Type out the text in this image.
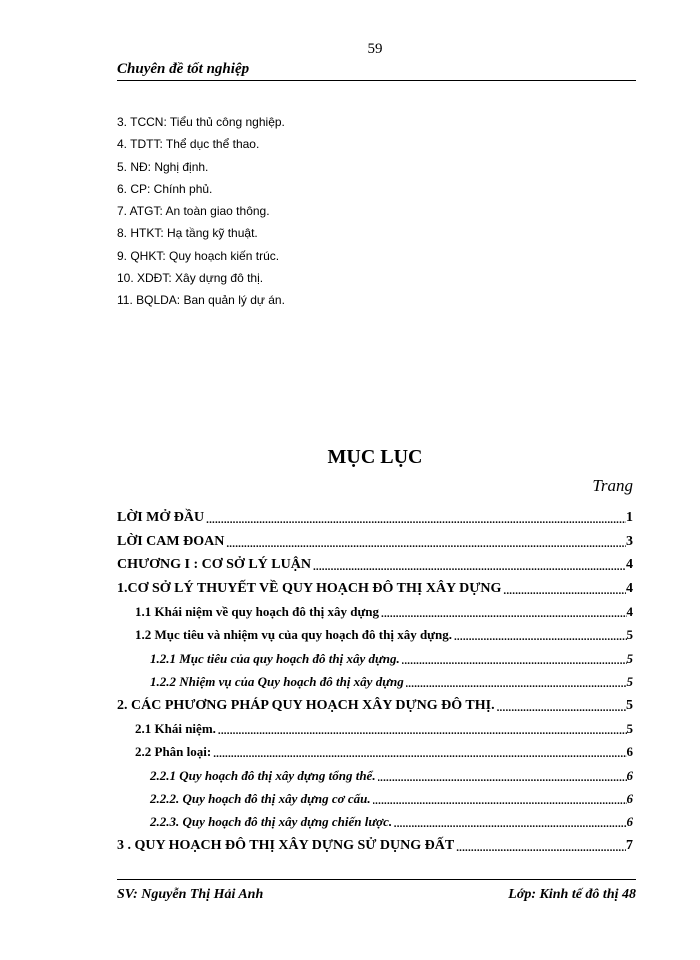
59
Chuyên đề tốt nghiệp
3. TCCN: Tiểu thủ công nghiệp.
4. TDTT: Thể dục thể thao.
5. NĐ: Nghị định.
6. CP: Chính phủ.
7. ATGT: An toàn giao thông.
8. HTKT: Hạ tầng kỹ thuật.
9. QHKT: Quy hoạch kiến trúc.
10. XDĐT: Xây dựng đô thị.
11. BQLDA: Ban quản lý dự án.
MỤC LỤC
Trang
LỜI MỞ ĐẦU .....	1
LỜI CAM ĐOAN .....	3
CHƯƠNG I : CƠ SỞ LÝ LUẬN .....	4
1.CƠ SỞ LÝ THUYẾT VỀ QUY HOẠCH ĐÔ THỊ XÂY DỰNG .....	4
1.1 Khái niệm về quy hoạch đô thị xây dựng .....	4
1.2 Mục tiêu và nhiệm vụ của quy hoạch đô thị xây dựng. .....	5
1.2.1 Mục tiêu của quy hoạch đô thị xây dựng. .....	5
1.2.2 Nhiệm vụ của Quy hoạch đô thị xây dựng .....	5
2. CÁC PHƯƠNG PHÁP QUY HOẠCH XÂY DỰNG ĐÔ THỊ. .....	5
2.1 Khái niệm. .....	5
2.2 Phân loại: .....	6
2.2.1 Quy hoạch đô thị xây dựng tổng thể. .....	6
2.2.2. Quy hoạch đô thị xây dựng cơ cấu. .....	6
2.2.3. Quy hoạch đô thị xây dựng chiến lược. .....	6
3 . QUY HOẠCH ĐÔ THỊ XÂY DỰNG SỬ DỤNG ĐẤT .....	7
SV: Nguyễn Thị Hải Anh	Lớp: Kinh tế đô thị 48
